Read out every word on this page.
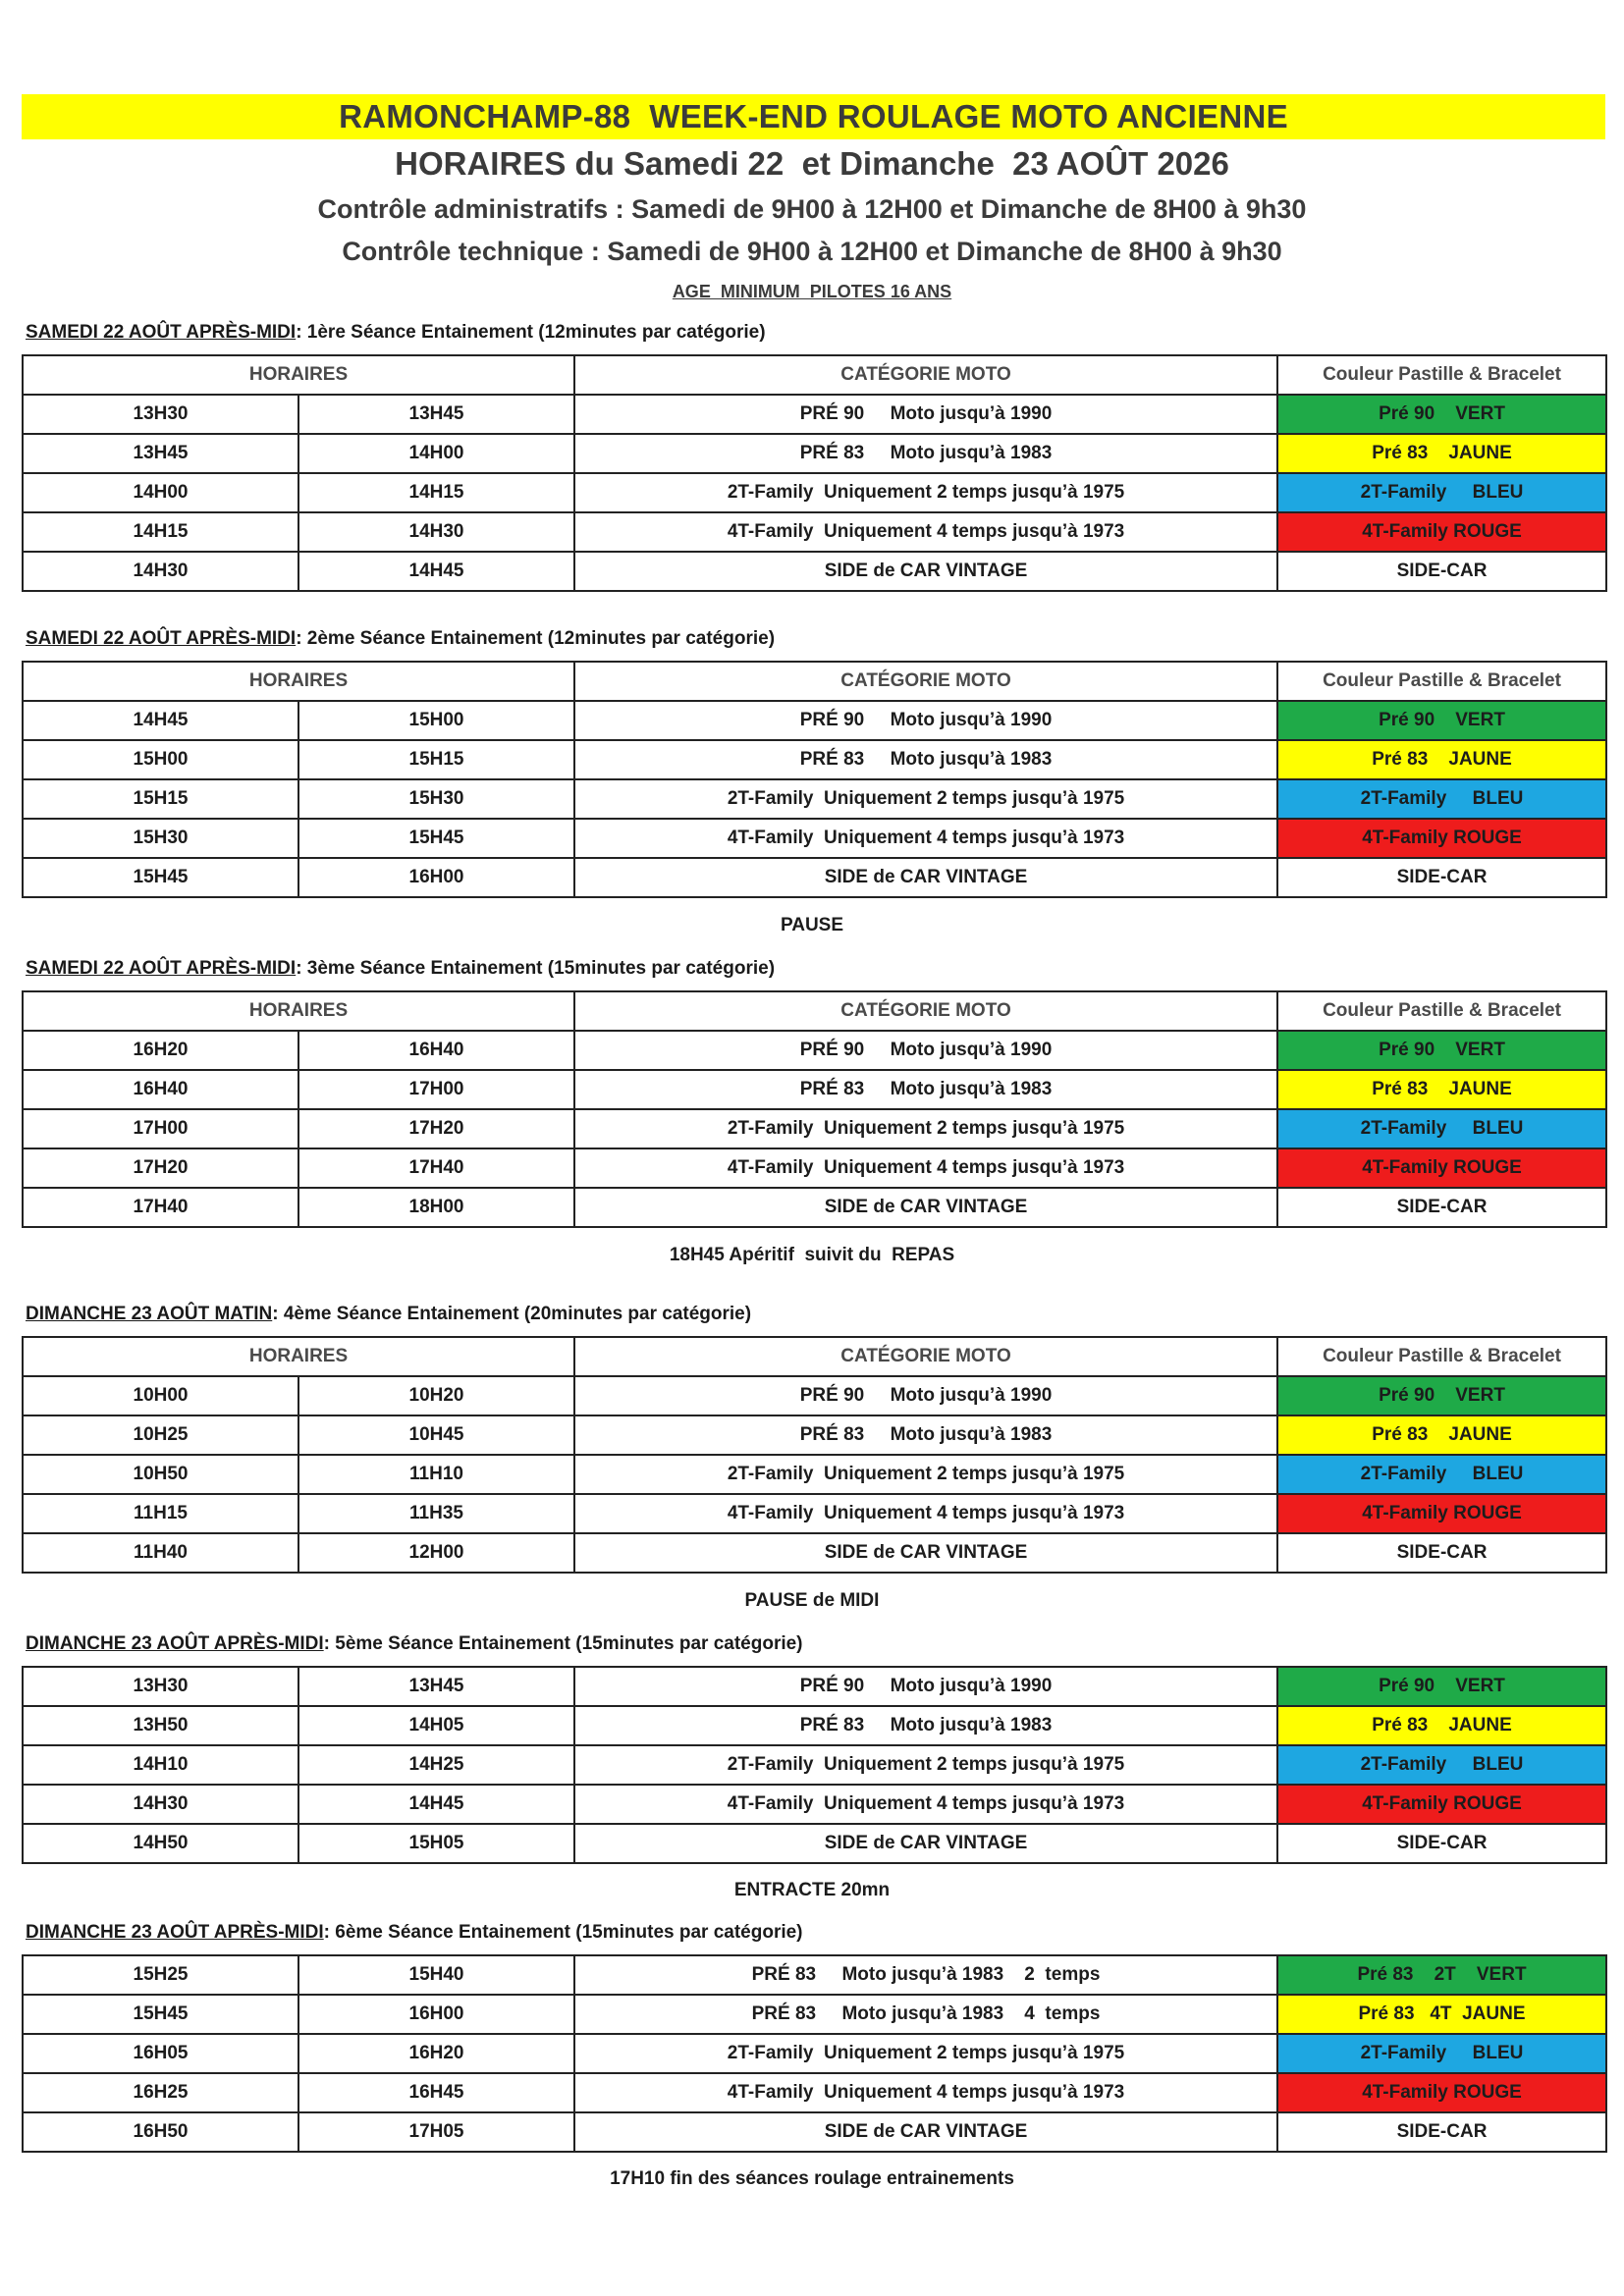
RAMONCHAMP-88  WEEK-END ROULAGE MOTO ANCIENNE
HORAIRES du Samedi 22  et Dimanche  23 AOÛT 2026
Contrôle administratifs : Samedi de 9H00 à 12H00 et Dimanche de 8H00 à 9h30
Contrôle technique : Samedi de 9H00 à 12H00 et Dimanche de 8H00 à 9h30
AGE  MINIMUM  PILOTES 16 ANS
SAMEDI 22 AOÛT APRÈS-MIDI: 1ère Séance Entainement (12minutes par catégorie)
HORAIRES		CATÉGORIE MOTO	Couleur Pastille & Bracelet
13H30	13H45	PRÉ 90     Moto jusqu’à 1990	Pré 90    VERT
13H45	14H00	PRÉ 83     Moto jusqu’à 1983	Pré 83    JAUNE
14H00	14H15	2T-Family  Uniquement 2 temps jusqu’à 1975	2T-Family     BLEU
14H15	14H30	4T-Family  Uniquement 4 temps jusqu’à 1973	4T-Family ROUGE
14H30	14H45	SIDE de CAR VINTAGE	SIDE-CAR
SAMEDI 22 AOÛT APRÈS-MIDI: 2ème Séance Entainement (12minutes par catégorie)
HORAIRES		CATÉGORIE MOTO	Couleur Pastille & Bracelet
14H45	15H00	PRÉ 90     Moto jusqu’à 1990	Pré 90    VERT
15H00	15H15	PRÉ 83     Moto jusqu’à 1983	Pré 83    JAUNE
15H15	15H30	2T-Family  Uniquement 2 temps jusqu’à 1975	2T-Family     BLEU
15H30	15H45	4T-Family  Uniquement 4 temps jusqu’à 1973	4T-Family ROUGE
15H45	16H00	SIDE de CAR VINTAGE	SIDE-CAR
PAUSE
SAMEDI 22 AOÛT APRÈS-MIDI: 3ème Séance Entainement (15minutes par catégorie)
HORAIRES		CATÉGORIE MOTO	Couleur Pastille & Bracelet
16H20	16H40	PRÉ 90     Moto jusqu’à 1990	Pré 90    VERT
16H40	17H00	PRÉ 83     Moto jusqu’à 1983	Pré 83    JAUNE
17H00	17H20	2T-Family  Uniquement 2 temps jusqu’à 1975	2T-Family     BLEU
17H20	17H40	4T-Family  Uniquement 4 temps jusqu’à 1973	4T-Family ROUGE
17H40	18H00	SIDE de CAR VINTAGE	SIDE-CAR
18H45 Apéritif  suivit du  REPAS
DIMANCHE 23 AOÛT MATIN: 4ème Séance Entainement (20minutes par catégorie)
HORAIRES		CATÉGORIE MOTO	Couleur Pastille & Bracelet
10H00	10H20	PRÉ 90     Moto jusqu’à 1990	Pré 90    VERT
10H25	10H45	PRÉ 83     Moto jusqu’à 1983	Pré 83    JAUNE
10H50	11H10	2T-Family  Uniquement 2 temps jusqu’à 1975	2T-Family     BLEU
11H15	11H35	4T-Family  Uniquement 4 temps jusqu’à 1973	4T-Family ROUGE
11H40	12H00	SIDE de CAR VINTAGE	SIDE-CAR
PAUSE de MIDI
DIMANCHE 23 AOÛT APRÈS-MIDI: 5ème Séance Entainement (15minutes par catégorie)
13H30	13H45	PRÉ 90     Moto jusqu’à 1990	Pré 90    VERT
13H50	14H05	PRÉ 83     Moto jusqu’à 1983	Pré 83    JAUNE
14H10	14H25	2T-Family  Uniquement 2 temps jusqu’à 1975	2T-Family     BLEU
14H30	14H45	4T-Family  Uniquement 4 temps jusqu’à 1973	4T-Family ROUGE
14H50	15H05	SIDE de CAR VINTAGE	SIDE-CAR
ENTRACTE 20mn
DIMANCHE 23 AOÛT APRÈS-MIDI: 6ème Séance Entainement (15minutes par catégorie)
15H25	15H40	PRÉ 83     Moto jusqu’à 1983    2  temps	Pré 83    2T    VERT
15H45	16H00	PRÉ 83     Moto jusqu’à 1983    4  temps	Pré 83   4T  JAUNE
16H05	16H20	2T-Family  Uniquement 2 temps jusqu’à 1975	2T-Family     BLEU
16H25	16H45	4T-Family  Uniquement 4 temps jusqu’à 1973	4T-Family ROUGE
16H50	17H05	SIDE de CAR VINTAGE	SIDE-CAR
17H10 fin des séances roulage entrainements
